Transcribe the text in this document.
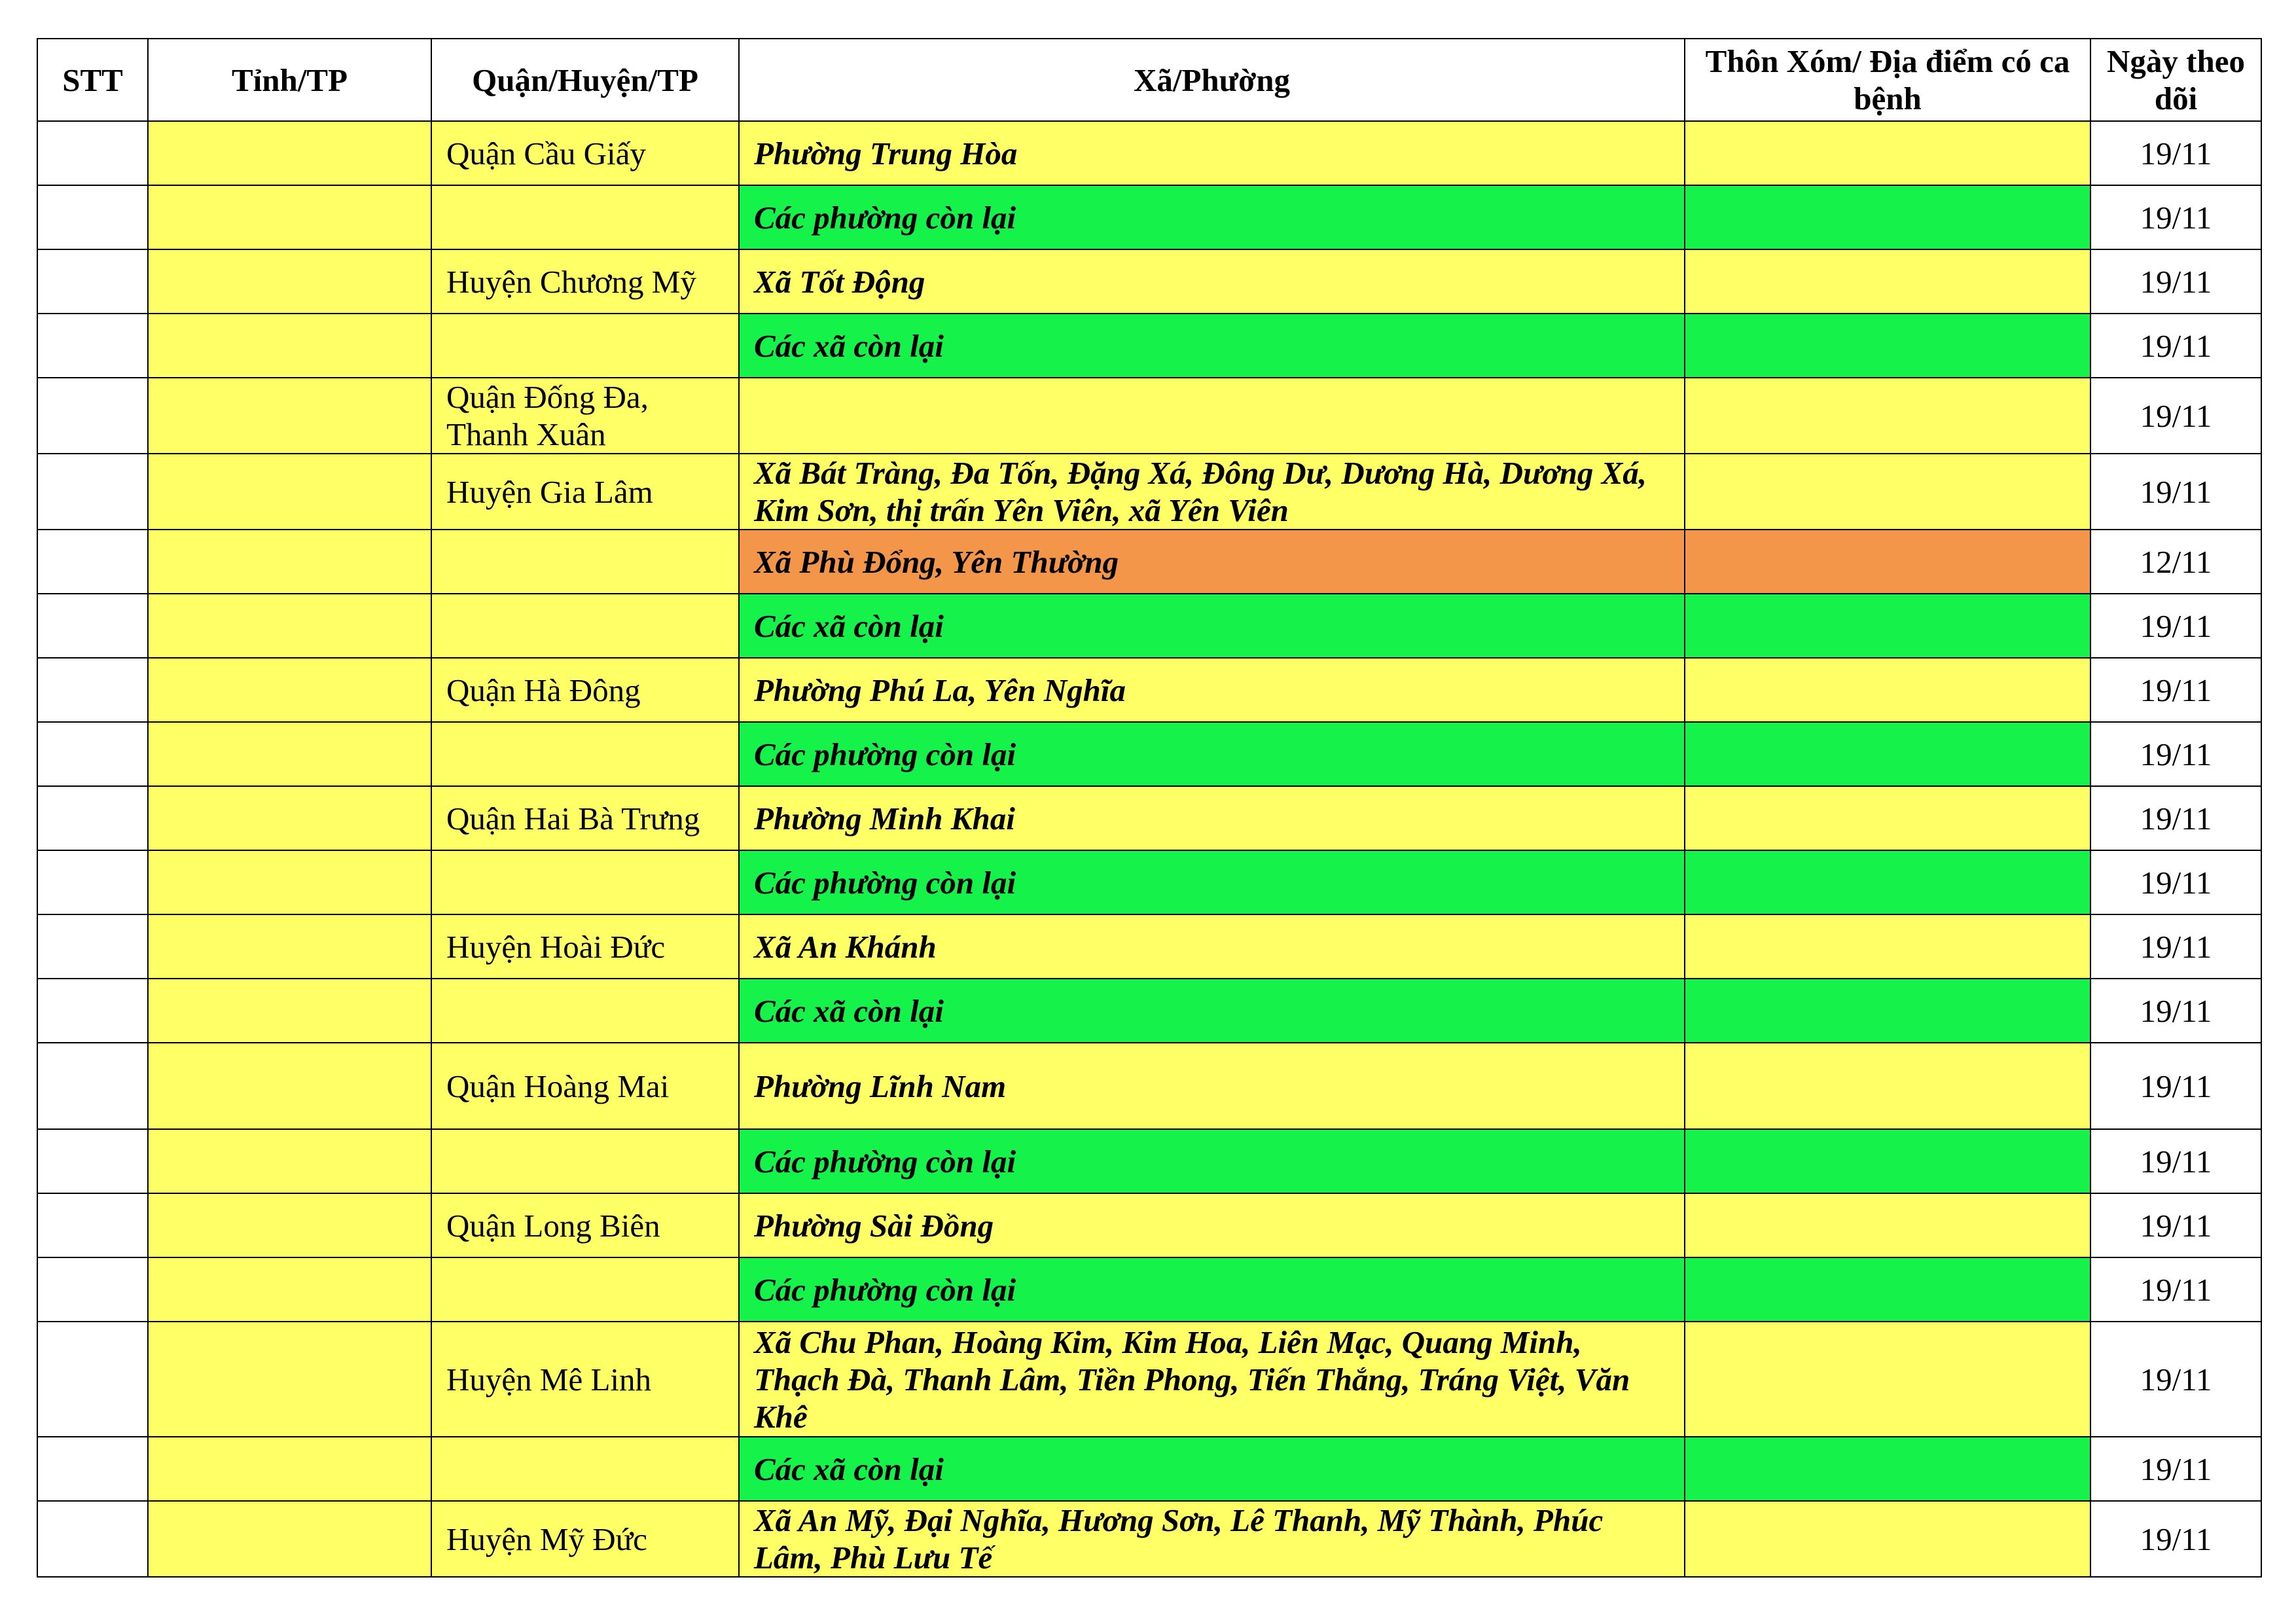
STT	Tỉnh/TP	Quận/Huyện/TP	Xã/Phường	Thôn Xóm/ Địa điểm có ca bệnh	Ngày theo dõi
		Quận Cầu Giấy	Phường Trung Hòa		19/11
			Các phường còn lại		19/11
		Huyện Chương Mỹ	Xã Tốt Động		19/11
			Các xã còn lại		19/11
		Quận Đống Đa, Thanh Xuân			19/11
		Huyện Gia Lâm	Xã Bát Tràng, Đa Tốn, Đặng Xá, Đông Dư, Dương Hà, Dương Xá, Kim Sơn, thị trấn Yên Viên, xã Yên Viên		19/11
			Xã Phù Đổng, Yên Thường		12/11
			Các xã còn lại		19/11
		Quận Hà Đông	Phường Phú La, Yên Nghĩa		19/11
			Các phường còn lại		19/11
		Quận Hai Bà Trưng	Phường Minh Khai		19/11
			Các phường còn lại		19/11
		Huyện Hoài Đức	Xã An Khánh		19/11
			Các xã còn lại		19/11
		Quận Hoàng Mai	Phường Lĩnh Nam		19/11
			Các phường còn lại		19/11
		Quận Long Biên	Phường Sài Đồng		19/11
			Các phường còn lại		19/11
		Huyện Mê Linh	Xã Chu Phan, Hoàng Kim, Kim Hoa, Liên Mạc, Quang Minh, Thạch Đà, Thanh Lâm, Tiền Phong, Tiến Thắng, Tráng Việt, Văn Khê		19/11
			Các xã còn lại		19/11
		Huyện Mỹ Đức	Xã An Mỹ, Đại Nghĩa, Hương Sơn, Lê Thanh, Mỹ Thành, Phúc Lâm, Phù Lưu Tế		19/11
